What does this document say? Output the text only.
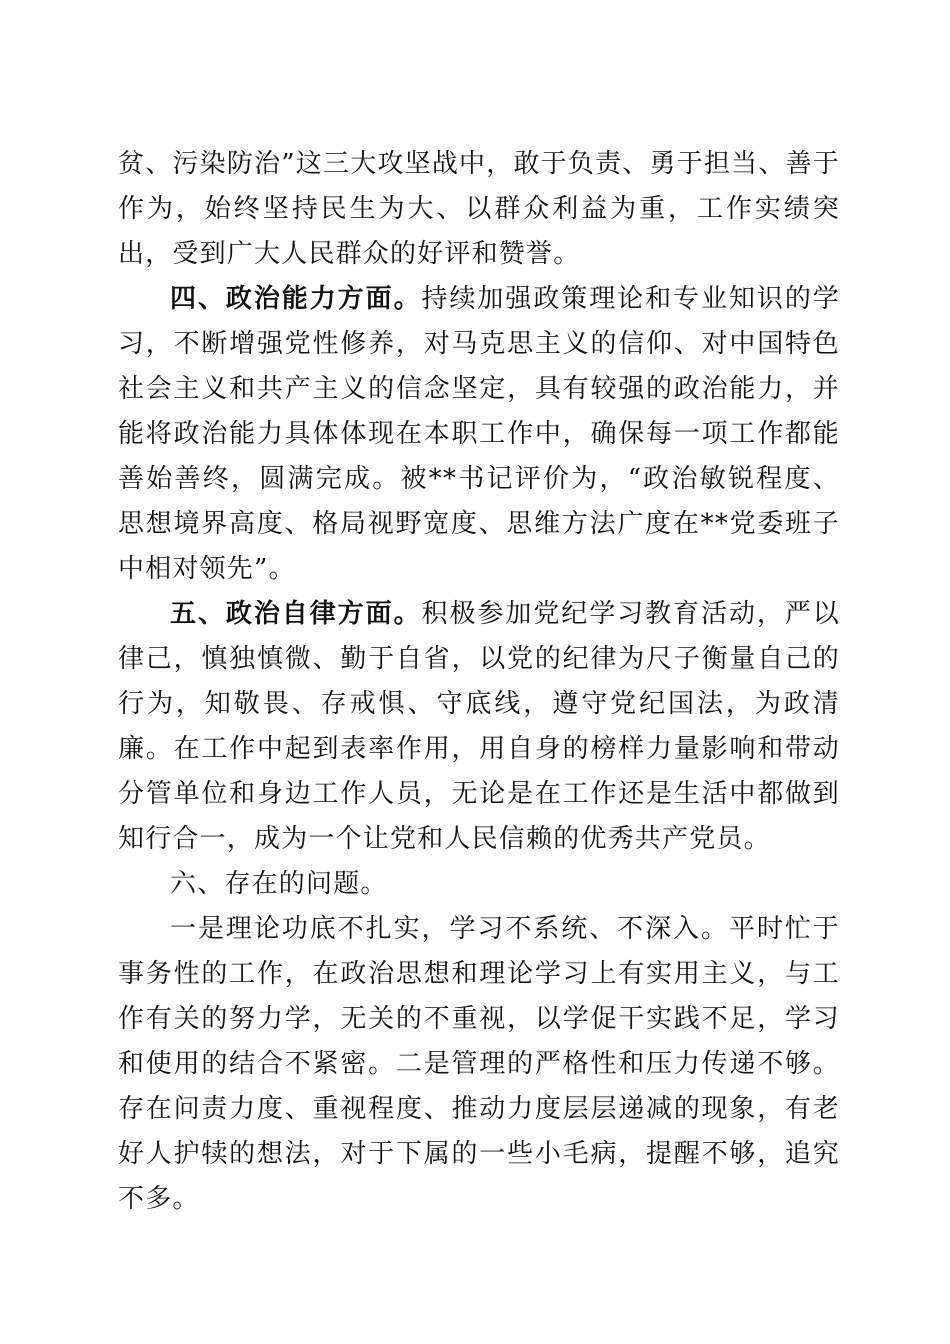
贫、污染防治”这三大攻坚战中，敢于负责、勇于担当、善于作为，始终坚持民生为大、以群众利益为重，工作实绩突出，受到广大人民群众的好评和赞誉。

四、政治能力方面。持续加强政策理论和专业知识的学习，不断增强党性修养，对马克思主义的信仰、对中国特色社会主义和共产主义的信念坚定，具有较强的政治能力，并能将政治能力具体体现在本职工作中，确保每一项工作都能善始善终，圆满完成。被**书记评价为，“政治敏锐程度、思想境界高度、格局视野宽度、思维方法广度在**党委班子中相对领先”。

五、政治自律方面。积极参加党纪学习教育活动，严以律己，慎独慎微、勤于自省，以党的纪律为尺子衡量自己的行为，知敬畏、存戒惧、守底线，遵守党纪国法，为政清廉。在工作中起到表率作用，用自身的榜样力量影响和带动分管单位和身边工作人员，无论是在工作还是生活中都做到知行合一，成为一个让党和人民信赖的优秀共产党员。

六、存在的问题。

一是理论功底不扎实，学习不系统、不深入。平时忙于事务性的工作，在政治思想和理论学习上有实用主义，与工作有关的努力学，无关的不重视，以学促干实践不足，学习和使用的结合不紧密。二是管理的严格性和压力传递不够。存在问责力度、重视程度、推动力度层层递减的现象，有老好人护犊的想法，对于下属的一些小毛病，提醒不够，追究不多。
